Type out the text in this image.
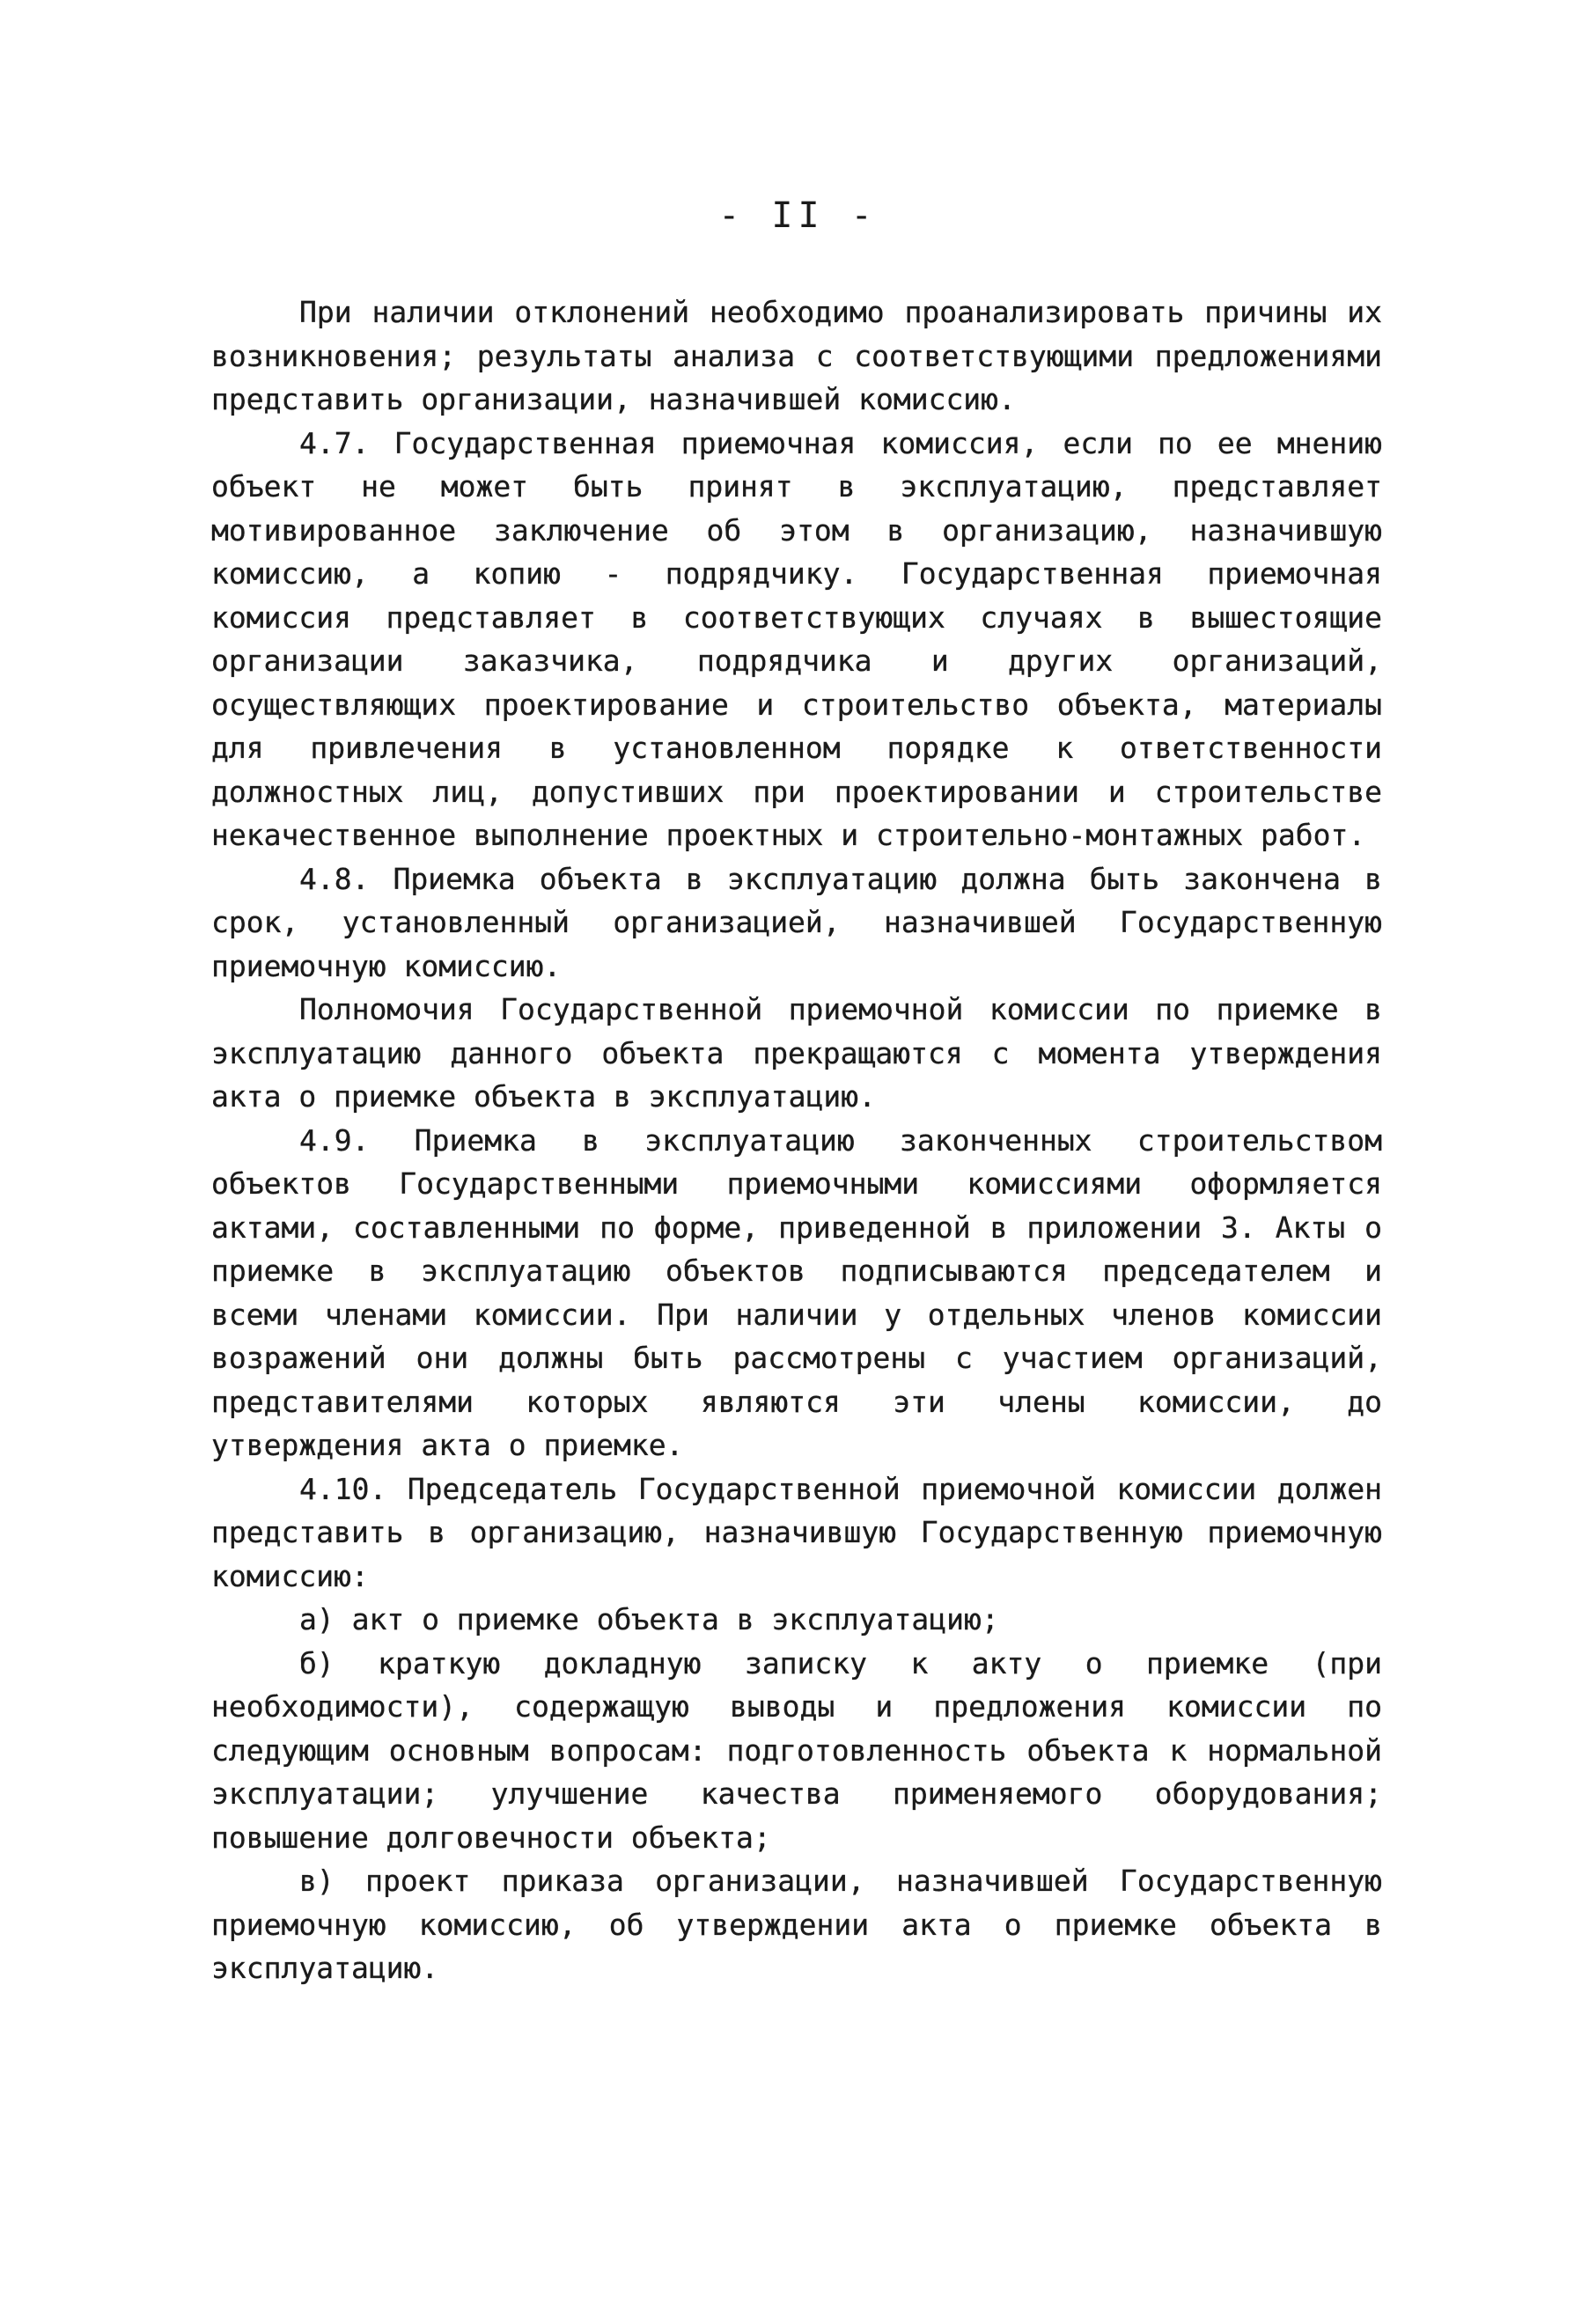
- II -

При наличии отклонений необходимо проанализировать причины их возникновения; результаты анализа с соответствующими предложениями представить организации, назначившей комиссию.

4.7. Государственная приемочная комиссия, если по ее мнению объект не может быть принят в эксплуатацию, представляет мотивированное заключение об этом в организацию, назначившую комиссию, а копию - подрядчику. Государственная приемочная комиссия представляет в соответствующих случаях в вышестоящие организации заказчика, подрядчика и других организаций, осуществляющих проектирование и строительство объекта, материалы для привлечения в установленном порядке к ответственности должностных лиц, допустивших при проектировании и строительстве некачественное выполнение проектных и строительно-монтажных работ.

4.8. Приемка объекта в эксплуатацию должна быть закончена в срок, установленный организацией, назначившей Государственную приемочную комиссию.

Полномочия Государственной приемочной комиссии по приемке в эксплуатацию данного объекта прекращаются с момента утверждения акта о приемке объекта в эксплуатацию.

4.9. Приемка в эксплуатацию законченных строительством объектов Государственными приемочными комиссиями оформляется актами, составленными по форме, приведенной в приложении 3. Акты о приемке в эксплуатацию объектов подписываются председателем и всеми членами комиссии. При наличии у отдельных членов комиссии возражений они должны быть рассмотрены с участием организаций, представителями которых являются эти члены комиссии, до утверждения акта о приемке.

4.10. Председатель Государственной приемочной комиссии должен представить в организацию, назначившую Государственную приемочную комиссию:

а) акт о приемке объекта в эксплуатацию;

б) краткую докладную записку к акту о приемке (при необходимости), содержащую выводы и предложения комиссии по следующим основным вопросам: подготовленность объекта к нормальной эксплуатации; улучшение качества применяемого оборудования; повышение долговечности объекта;

в) проект приказа организации, назначившей Государственную приемочную комиссию, об утверждении акта о приемке объекта в эксплуатацию.
